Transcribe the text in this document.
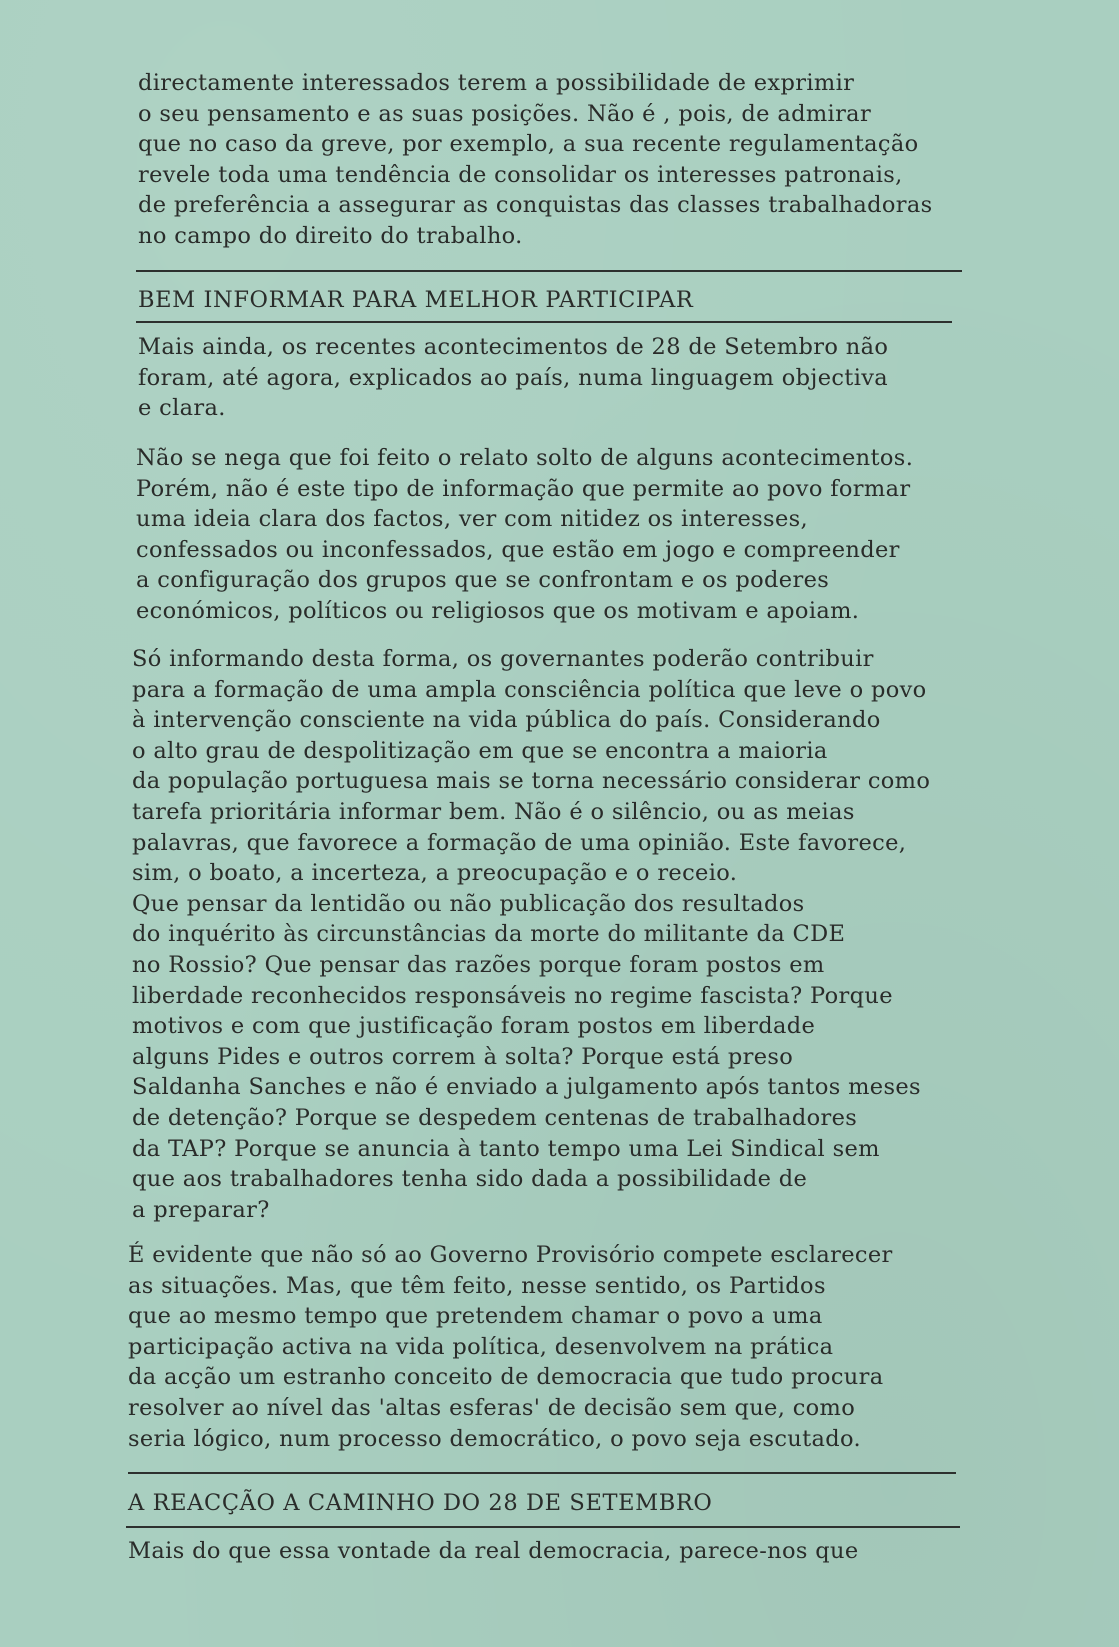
directamente interessados terem a possibilidade de exprimir
o seu pensamento e as suas posições. Não é , pois, de admirar
que no caso da greve, por exemplo, a sua recente regulamentação
revele toda uma tendência de consolidar os interesses patronais,
de preferência a assegurar as conquistas das classes trabalhadoras
no campo do direito do trabalho.
BEM INFORMAR PARA MELHOR PARTICIPAR
Mais ainda, os recentes acontecimentos de 28 de Setembro não
foram, até agora, explicados ao país, numa linguagem objectiva
e clara.
Não se nega que foi feito o relato solto de alguns acontecimentos.
Porém, não é este tipo de informação que permite ao povo formar
uma ideia clara dos factos, ver com nitidez os interesses,
confessados ou inconfessados, que estão em jogo e compreender
a configuração dos grupos que se confrontam e os poderes
económicos, políticos ou religiosos que os motivam e apoiam.
Só informando desta forma, os governantes poderão contribuir
para a formação de uma ampla consciência política que leve o povo
à intervenção consciente na vida pública do país. Considerando
o alto grau de despolitização em que se encontra a maioria
da população portuguesa mais se torna necessário considerar como
tarefa prioritária informar bem. Não é o silêncio, ou as meias
palavras, que favorece a formação de uma opinião. Este favorece,
sim, o boato, a incerteza, a preocupação e o receio.
Que pensar da lentidão ou não publicação dos resultados
do inquérito às circunstâncias da morte do militante da CDE
no Rossio? Que pensar das razões porque foram postos em
liberdade reconhecidos responsáveis no regime fascista? Porque
motivos e com que justificação foram postos em liberdade
alguns Pides e outros correm à solta? Porque está preso
Saldanha Sanches e não é enviado a julgamento após tantos meses
de detenção? Porque se despedem centenas de trabalhadores
da TAP? Porque se anuncia à tanto tempo uma Lei Sindical sem
que aos trabalhadores tenha sido dada a possibilidade de
a preparar?
É evidente que não só ao Governo Provisório compete esclarecer
as situações. Mas, que têm feito, nesse sentido, os Partidos
que ao mesmo tempo que pretendem chamar o povo a uma
participação activa na vida política, desenvolvem na prática
da acção um estranho conceito de democracia que tudo procura
resolver ao nível das 'altas esferas' de decisão sem que, como
seria lógico, num processo democrático, o povo seja escutado.
A REACÇÃO A CAMINHO DO 28 DE SETEMBRO
Mais do que essa vontade da real democracia, parece-nos que
